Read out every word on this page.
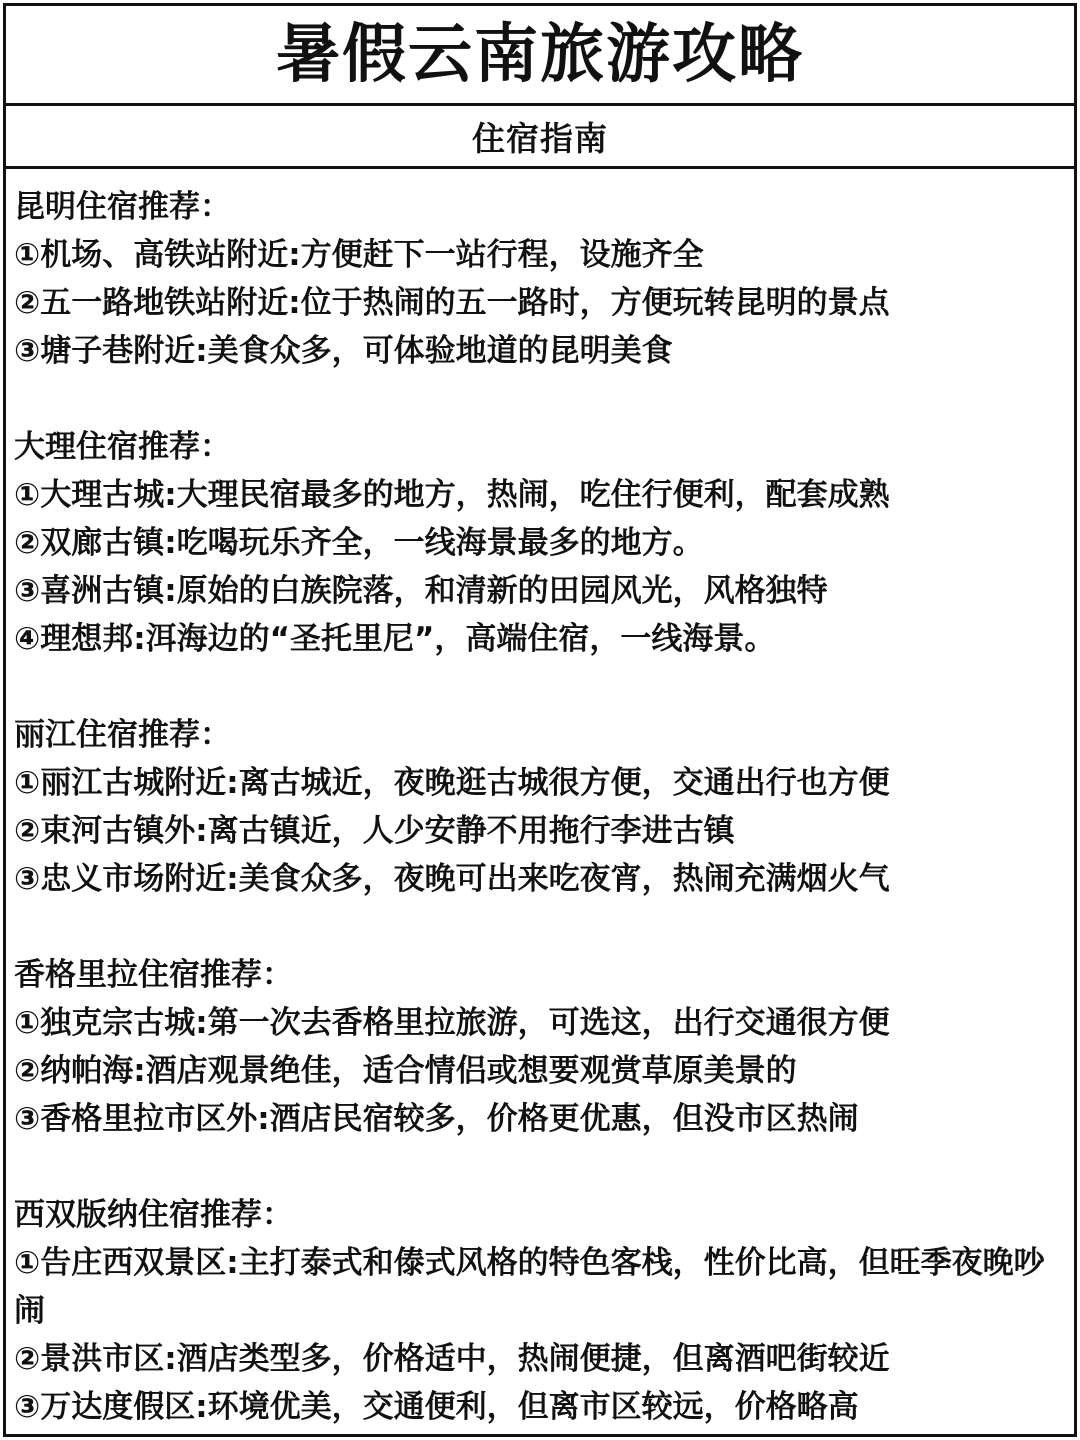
暑假云南旅游攻略
住宿指南

昆明住宿推荐：

①机场、高铁站附近:方便赶下一站行程，设施齐全

②五一路地铁站附近:位于热闹的五一路时，方便玩转昆明的景点

③塘子巷附近:美食众多，可体验地道的昆明美食

大理住宿推荐：

①大理古城:大理民宿最多的地方，热闹，吃住行便利，配套成熟

②双廊古镇:吃喝玩乐齐全，一线海景最多的地方。

③喜洲古镇:原始的白族院落，和清新的田园风光，风格独特

④理想邦:洱海边的“圣托里尼”，高端住宿，一线海景。

丽江住宿推荐：

①丽江古城附近:离古城近，夜晚逛古城很方便，交通出行也方便

②束河古镇外:离古镇近，人少安静不用拖行李进古镇

③忠义市场附近:美食众多，夜晚可出来吃夜宵，热闹充满烟火气

香格里拉住宿推荐：

①独克宗古城:第一次去香格里拉旅游，可选这，出行交通很方便

②纳帕海:酒店观景绝佳，适合情侣或想要观赏草原美景的

③香格里拉市区外:酒店民宿较多，价格更优惠，但没市区热闹

西双版纳住宿推荐：

①告庄西双景区:主打泰式和傣式风格的特色客栈，性价比高，但旺季夜晚吵闹

②景洪市区:酒店类型多，价格适中，热闹便捷，但离酒吧街较近

③万达度假区:环境优美，交通便利，但离市区较远，价格略高
